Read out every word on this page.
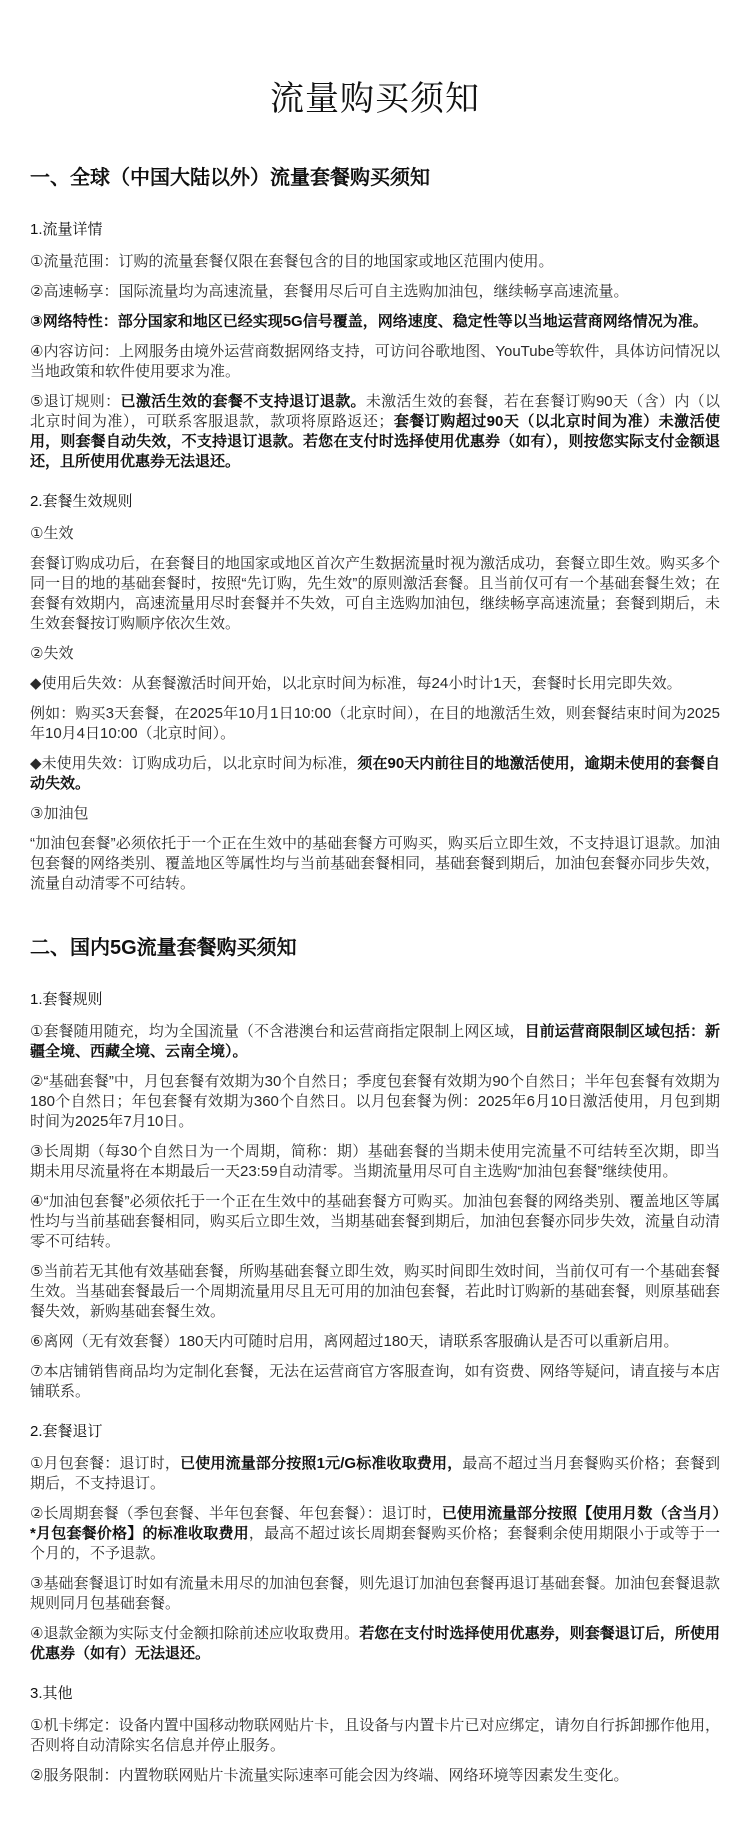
流量购买须知
一、全球（中国大陆以外）流量套餐购买须知
1.流量详情

①流量范围：订购的流量套餐仅限在套餐包含的目的地国家或地区范围内使用。

②高速畅享：国际流量均为高速流量，套餐用尽后可自主选购加油包，继续畅享高速流量。

③网络特性：部分国家和地区已经实现5G信号覆盖，网络速度、稳定性等以当地运营商网络情况为准。

④内容访问：上网服务由境外运营商数据网络支持，可访问谷歌地图、YouTube等软件，具体访问情况以当地政策和软件使用要求为准。

⑤退订规则：已激活生效的套餐不支持退订退款。未激活生效的套餐，若在套餐订购90天（含）内（以北京时间为准），可联系客服退款，款项将原路返还；套餐订购超过90天（以北京时间为准）未激活使用，则套餐自动失效，不支持退订退款。若您在支付时选择使用优惠券（如有），则按您实际支付金额退还，且所使用优惠券无法退还。

2.套餐生效规则

①生效

套餐订购成功后，在套餐目的地国家或地区首次产生数据流量时视为激活成功，套餐立即生效。购买多个同一目的地的基础套餐时，按照“先订购，先生效”的原则激活套餐。且当前仅可有一个基础套餐生效；在套餐有效期内，高速流量用尽时套餐并不失效，可自主选购加油包，继续畅享高速流量；套餐到期后，未生效套餐按订购顺序依次生效。

②失效

◆使用后失效：从套餐激活时间开始，以北京时间为标准，每24小时计1天，套餐时长用完即失效。

例如：购买3天套餐，在2025年10月1日10:00（北京时间），在目的地激活生效，则套餐结束时间为2025年10月4日10:00（北京时间）。

◆未使用失效：订购成功后，以北京时间为标准，须在90天内前往目的地激活使用，逾期未使用的套餐自动失效。

③加油包

“加油包套餐”必须依托于一个正在生效中的基础套餐方可购买，购买后立即生效，不支持退订退款。加油包套餐的网络类别、覆盖地区等属性均与当前基础套餐相同，基础套餐到期后，加油包套餐亦同步失效，流量自动清零不可结转。

二、国内5G流量套餐购买须知
1.套餐规则

①套餐随用随充，均为全国流量（不含港澳台和运营商指定限制上网区域，目前运营商限制区域包括：新疆全境、西藏全境、云南全境）。

②“基础套餐”中，月包套餐有效期为30个自然日；季度包套餐有效期为90个自然日；半年包套餐有效期为180个自然日；年包套餐有效期为360个自然日。以月包套餐为例：2025年6月10日激活使用，月包到期时间为2025年7月10日。

③长周期（每30个自然日为一个周期，简称：期）基础套餐的当期未使用完流量不可结转至次期，即当期未用尽流量将在本期最后一天23:59自动清零。当期流量用尽可自主选购“加油包套餐”继续使用。

④“加油包套餐”必须依托于一个正在生效中的基础套餐方可购买。加油包套餐的网络类别、覆盖地区等属性均与当前基础套餐相同，购买后立即生效，当期基础套餐到期后，加油包套餐亦同步失效，流量自动清零不可结转。

⑤当前若无其他有效基础套餐，所购基础套餐立即生效，购买时间即生效时间，当前仅可有一个基础套餐生效。当基础套餐最后一个周期流量用尽且无可用的加油包套餐，若此时订购新的基础套餐，则原基础套餐失效，新购基础套餐生效。

⑥离网（无有效套餐）180天内可随时启用，离网超过180天，请联系客服确认是否可以重新启用。

⑦本店铺销售商品均为定制化套餐，无法在运营商官方客服查询，如有资费、网络等疑问，请直接与本店铺联系。

2.套餐退订

①月包套餐：退订时，已使用流量部分按照1元/G标准收取费用，最高不超过当月套餐购买价格；套餐到期后，不支持退订。

②长周期套餐（季包套餐、半年包套餐、年包套餐）：退订时，已使用流量部分按照【使用月数（含当月）*月包套餐价格】的标准收取费用，最高不超过该长周期套餐购买价格；套餐剩余使用期限小于或等于一个月的，不予退款。

③基础套餐退订时如有流量未用尽的加油包套餐，则先退订加油包套餐再退订基础套餐。加油包套餐退款规则同月包基础套餐。

④退款金额为实际支付金额扣除前述应收取费用。若您在支付时选择使用优惠券，则套餐退订后，所使用优惠券（如有）无法退还。

3.其他

①机卡绑定：设备内置中国移动物联网贴片卡，且设备与内置卡片已对应绑定，请勿自行拆卸挪作他用，否则将自动清除实名信息并停止服务。

②服务限制：内置物联网贴片卡流量实际速率可能会因为终端、网络环境等因素发生变化。
